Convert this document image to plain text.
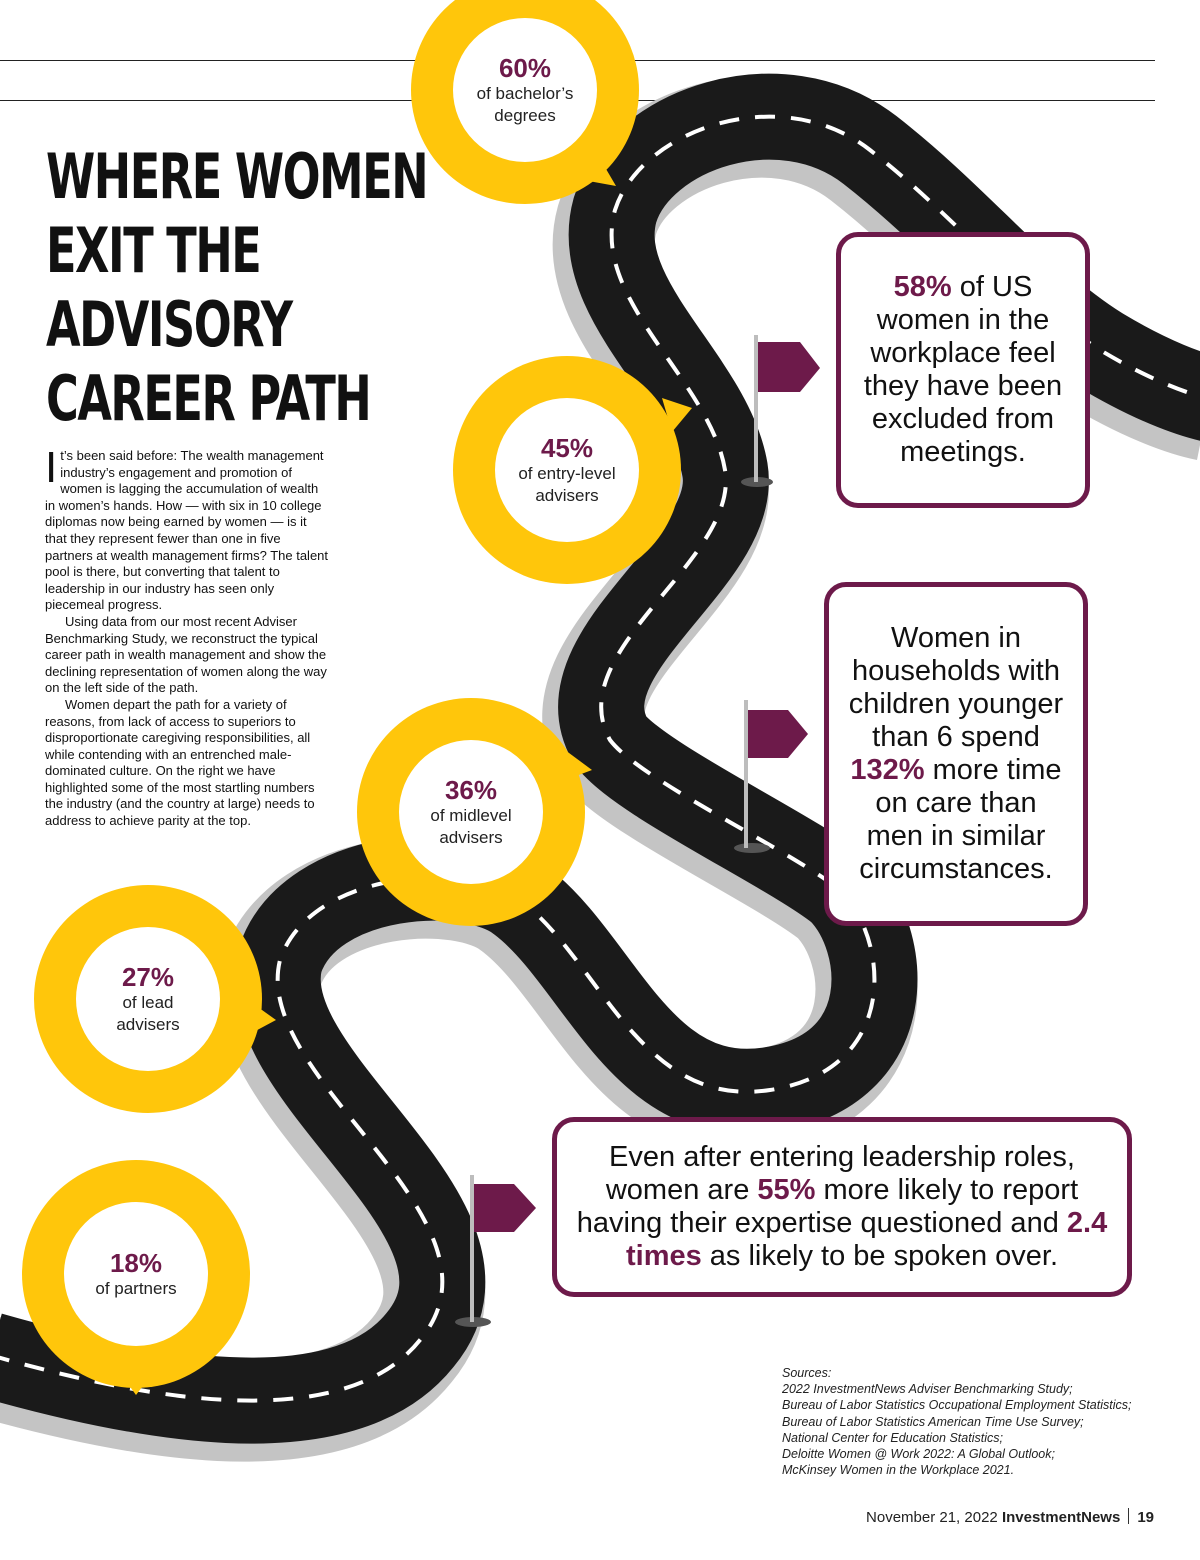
WHERE WOMEN
EXIT THE
ADVISORY
CAREER PATH

It’s been said before: The wealth management industry’s engagement and promotion of women is lagging the accumulation of wealth in women’s hands. How — with six in 10 college diplomas now being earned by women — is it that they represent fewer than one in five partners at wealth management firms? The talent pool is there, but converting that talent to leadership in our industry has seen only piecemeal progress.

Using data from our most recent Adviser Benchmarking Study, we reconstruct the typical career path in wealth management and show the declining representation of women along the way on the left side of the path.

Women depart the path for a variety of reasons, from lack of access to superiors to disproportionate caregiving responsibilities, all while contending with an entrenched male-dominated culture. On the right we have highlighted some of the most startling numbers the industry (and the country at large) needs to address to achieve parity at the top.

60%
of bachelor’s
degrees
45%
of entry-level
advisers
36%
of midlevel
advisers
27%
of lead
advisers
18%
of partners
58% of US women in the workplace feel they have been excluded from meetings.
Women in households with children younger than 6 spend 132% more time on care than men in similar circumstances.
Even after entering leadership roles, women are 55% more likely to report having their expertise questioned and 2.4 times as likely to be spoken over.
Sources:
2022 InvestmentNews Adviser Benchmarking Study;
Bureau of Labor Statistics Occupational Employment Statistics;
Bureau of Labor Statistics American Time Use Survey;
National Center for Education Statistics;
Deloitte Women @ Work 2022: A Global Outlook;
McKinsey Women in the Workplace 2021.
November 21, 2022 InvestmentNews 19
